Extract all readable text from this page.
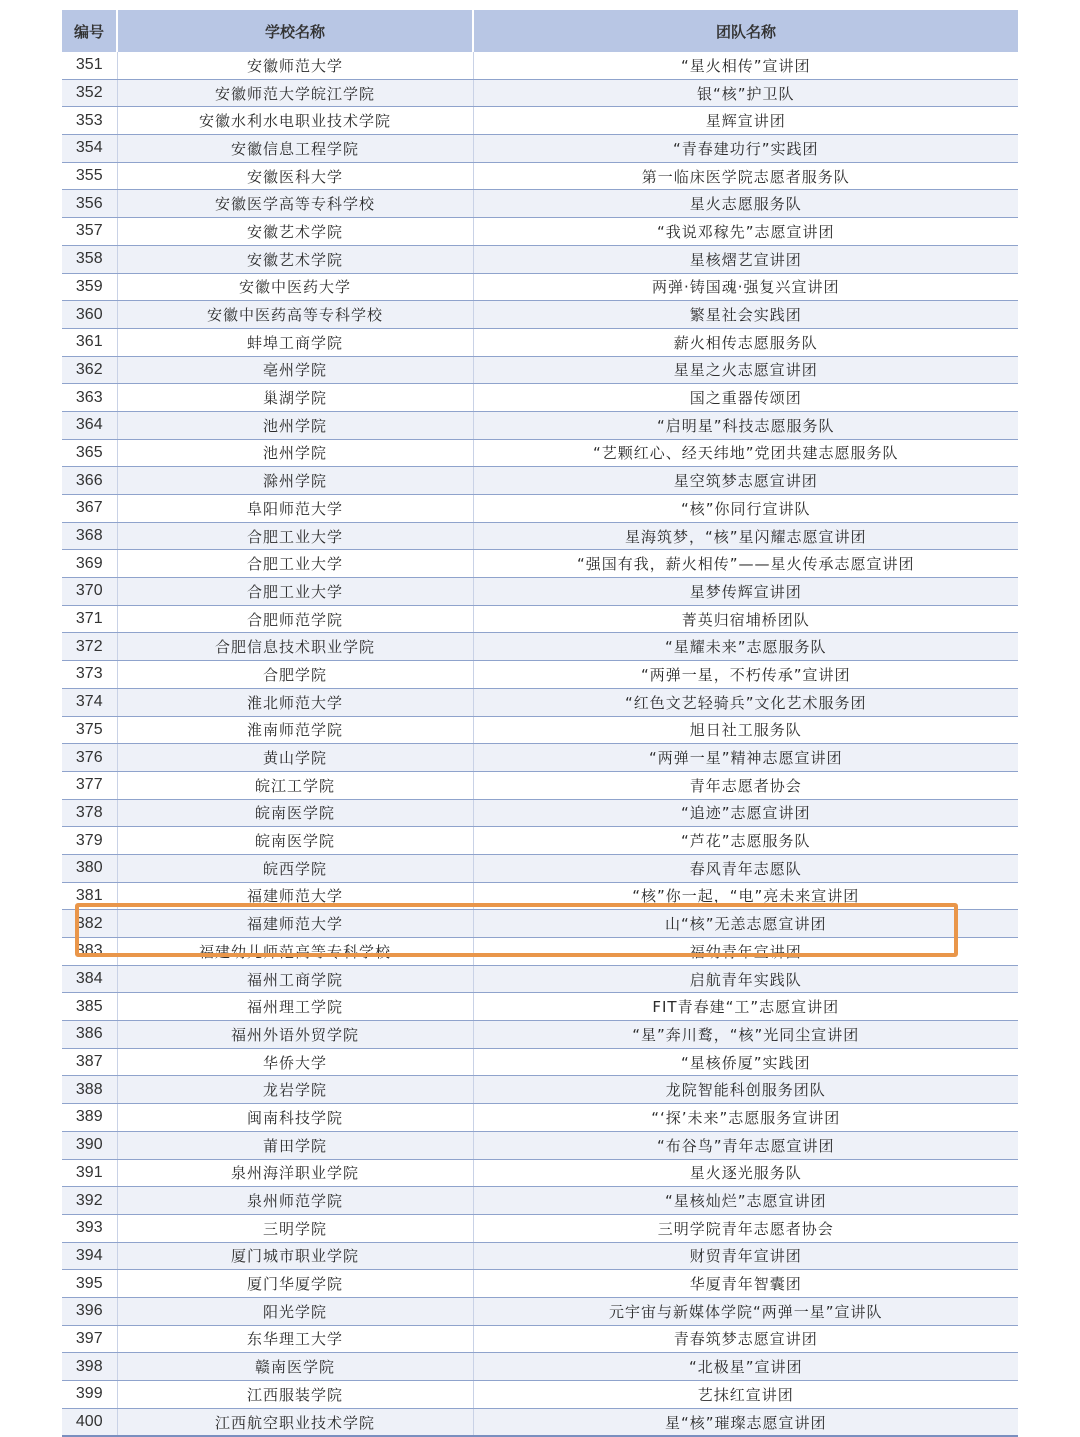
编号	学校名称	团队名称
351	安徽师范大学	“星火相传”宣讲团
352	安徽师范大学皖江学院	银“核”护卫队
353	安徽水利水电职业技术学院	星辉宣讲团
354	安徽信息工程学院	“青春建功行”实践团
355	安徽医科大学	第一临床医学院志愿者服务队
356	安徽医学高等专科学校	星火志愿服务队
357	安徽艺术学院	“我说邓稼先”志愿宣讲团
358	安徽艺术学院	星核熠艺宣讲团
359	安徽中医药大学	两弹·铸国魂·强复兴宣讲团
360	安徽中医药高等专科学校	繁星社会实践团
361	蚌埠工商学院	薪火相传志愿服务队
362	亳州学院	星星之火志愿宣讲团
363	巢湖学院	国之重器传颂团
364	池州学院	“启明星”科技志愿服务队
365	池州学院	“艺颗红心、经天纬地”党团共建志愿服务队
366	滁州学院	星空筑梦志愿宣讲团
367	阜阳师范大学	“核”你同行宣讲队
368	合肥工业大学	星海筑梦，“核”星闪耀志愿宣讲团
369	合肥工业大学	“强国有我，薪火相传”——星火传承志愿宣讲团
370	合肥工业大学	星梦传辉宣讲团
371	合肥师范学院	菁英归宿埔桥团队
372	合肥信息技术职业学院	“星耀未来”志愿服务队
373	合肥学院	“两弹一星，不朽传承”宣讲团
374	淮北师范大学	“红色文艺轻骑兵”文化艺术服务团
375	淮南师范学院	旭日社工服务队
376	黄山学院	“两弹一星”精神志愿宣讲团
377	皖江工学院	青年志愿者协会
378	皖南医学院	“追迹”志愿宣讲团
379	皖南医学院	“芦花”志愿服务队
380	皖西学院	春风青年志愿队
381	福建师范大学	“核”你一起，“电”亮未来宣讲团
382	福建师范大学	山“核”无恙志愿宣讲团
383	福建幼儿师范高等专科学校	福幼青年宣讲团
384	福州工商学院	启航青年实践队
385	福州理工学院	FIT青春建“工”志愿宣讲团
386	福州外语外贸学院	“星”奔川鹜，“核”光同尘宣讲团
387	华侨大学	“星核侨厦”实践团
388	龙岩学院	龙院智能科创服务团队
389	闽南科技学院	“‘探’未来”志愿服务宣讲团
390	莆田学院	“布谷鸟”青年志愿宣讲团
391	泉州海洋职业学院	星火逐光服务队
392	泉州师范学院	“星核灿烂”志愿宣讲团
393	三明学院	三明学院青年志愿者协会
394	厦门城市职业学院	财贸青年宣讲团
395	厦门华厦学院	华厦青年智囊团
396	阳光学院	元宇宙与新媒体学院“两弹一星”宣讲队
397	东华理工大学	青春筑梦志愿宣讲团
398	赣南医学院	“北极星”宣讲团
399	江西服装学院	艺抹红宣讲团
400	江西航空职业技术学院	星“核”璀璨志愿宣讲团
